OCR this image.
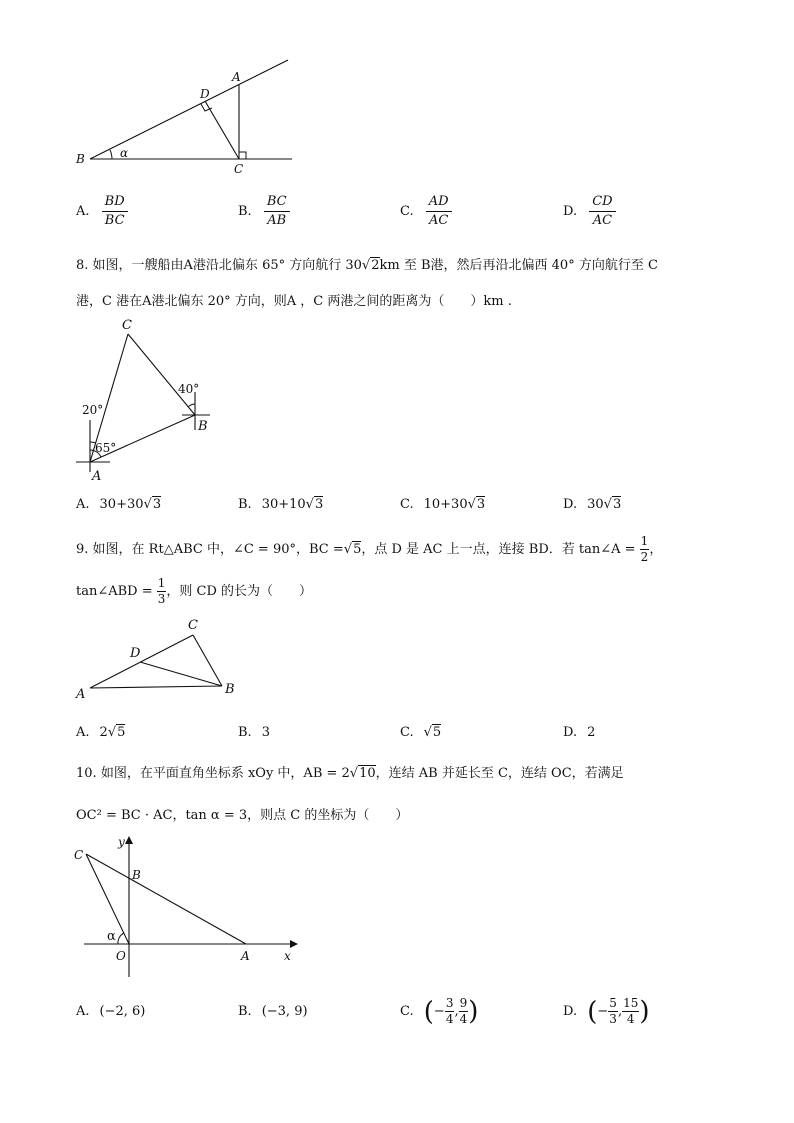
A
B
C
D
α
A. $\frac{BD}{BC}$	B. $\frac{BC}{AB}$	C. $\frac{AD}{AC}$	D. $\frac{CD}{AC}$
8. 如图，一艘船由A港沿北偏东 65° 方向航行 30√2km 至 B港，然后再沿北偏西 40° 方向航行至 C
港，C 港在A港北偏东 20° 方向，则A ，C 两港之间的距离为（　　）km .
C
B
A
20°
65°
40°
A. 30+30√3	B. 30+10√3	C. 10+30√3	D. 30√3
9. 如图，在 Rt△ABC 中，∠C = 90°，BC =√5，点 D 是 AC 上一点，连接 BD．若 tan∠A = $\frac{1}{2}$ ，
tan∠ABD = $\frac{1}{3}$ ，则 CD 的长为（　　）
C
D
A	B
A. 2√5	B. 3	C. √5	D. 2
10. 如图，在平面直角坐标系 xOy 中，AB = 2√10，连结 AB 并延长至 C，连结 OC，若满足
OC² = BC · AC，tan α = 3，则点 C 的坐标为（　　）
y
x
C
B
O	A
α
A. (−2, 6)	B. (−3, 9)	C. (− $\frac{3}{4}$ , $\frac{9}{4}$ )	D. (− $\frac{5}{3}$ , $\frac{15}{4}$ )
